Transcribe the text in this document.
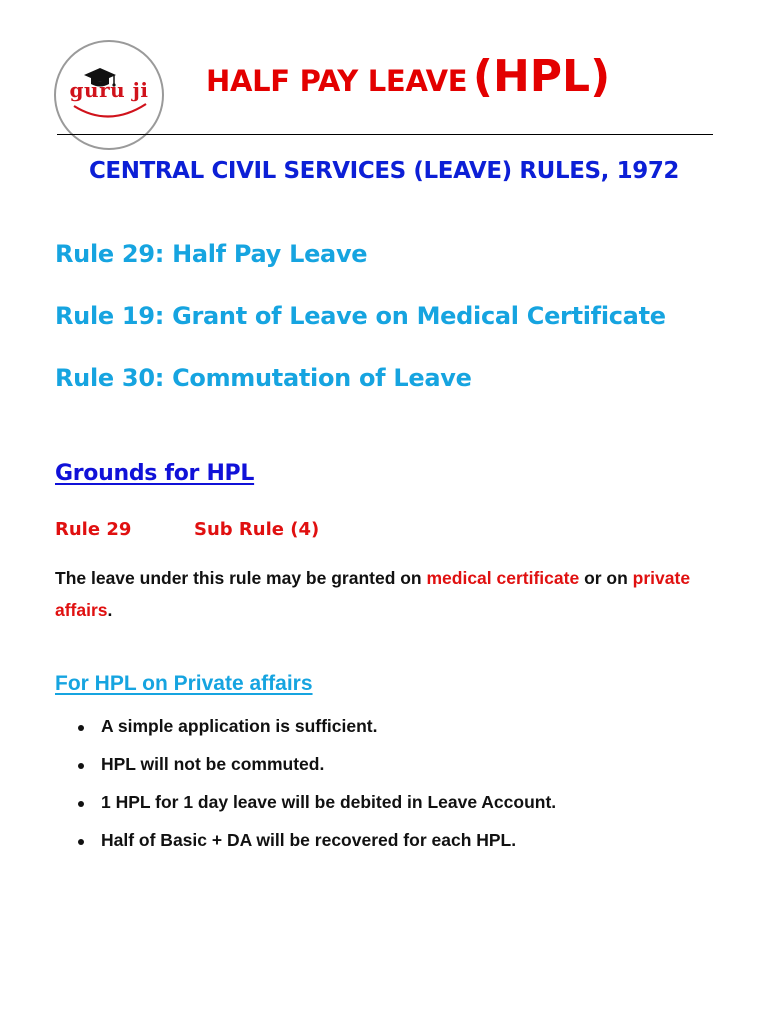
guru ji	HALF PAY LEAVE (HPL)
CENTRAL CIVIL SERVICES (LEAVE) RULES, 1972
Rule 29: Half Pay Leave
Rule 19: Grant of Leave on Medical Certificate
Rule 30: Commutation of Leave
Grounds for HPL
Rule 29	Sub Rule (4)
The leave under this rule may be granted on medical certificate or on private affairs.
For HPL on Private affairs
A simple application is sufficient.
HPL will not be commuted.
1 HPL for 1 day leave will be debited in Leave Account.
Half of Basic + DA will be recovered for each HPL.
